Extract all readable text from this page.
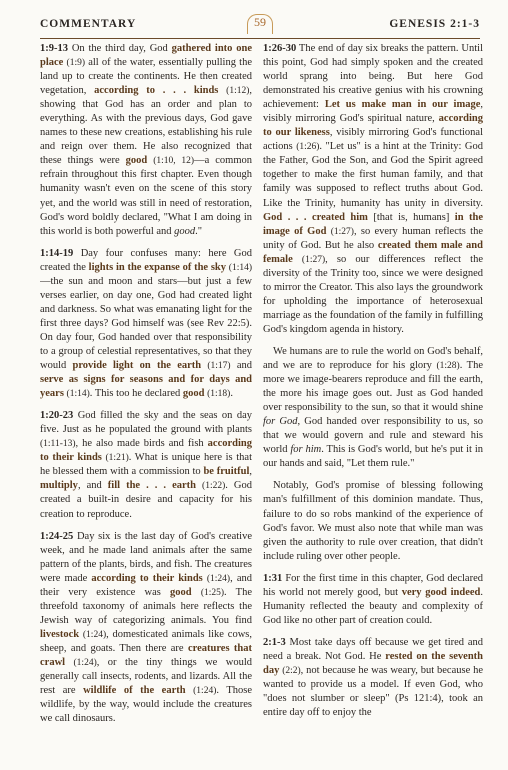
COMMENTARY	59	GENESIS 2:1-3

1:9-13 On the third day, God gathered into one place (1:9) all of the water, essentially pulling the land up to create the continents. He then created vegetation, according to . . . kinds (1:12), showing that God has an order and plan to everything. As with the previous days, God gave names to these new creations, establishing his rule and reign over them. He also recognized that these things were good (1:10, 12)—a common refrain throughout this first chapter. Even though humanity wasn't even on the scene of this story yet, and the world was still in need of restoration, God's word boldly declared, "What I am doing in this world is both powerful and good."

1:14-19 Day four confuses many: here God created the lights in the expanse of the sky (1:14)—the sun and moon and stars—but just a few verses earlier, on day one, God had created light and darkness. So what was emanating light for the first three days? God himself was (see Rev 22:5). On day four, God handed over that responsibility to a group of celestial representatives, so that they would provide light on the earth (1:17) and serve as signs for seasons and for days and years (1:14). This too he declared good (1:18).

1:20-23 God filled the sky and the seas on day five. Just as he populated the ground with plants (1:11-13), he also made birds and fish according to their kinds (1:21). What is unique here is that he blessed them with a commission to be fruitful, multiply, and fill the . . . earth (1:22). God created a built-in desire and capacity for his creation to reproduce.

1:24-25 Day six is the last day of God's creative week, and he made land animals after the same pattern of the plants, birds, and fish. The creatures were made according to their kinds (1:24), and their very existence was good (1:25). The threefold taxonomy of animals here reflects the Jewish way of categorizing animals. You find livestock (1:24), domesticated animals like cows, sheep, and goats. Then there are creatures that crawl (1:24), or the tiny things we would generally call insects, rodents, and lizards. All the rest are wildlife of the earth (1:24). Those wildlife, by the way, would include the creatures we call dinosaurs.

1:26-30 The end of day six breaks the pattern. Until this point, God had simply spoken and the created world sprang into being. But here God demonstrated his creative genius with his crowning achievement: Let us make man in our image, visibly mirroring God's spiritual nature, according to our likeness, visibly mirroring God's functional actions (1:26). "Let us" is a hint at the Trinity: God the Father, God the Son, and God the Spirit agreed together to make the first human family, and that family was supposed to reflect truths about God. Like the Trinity, humanity has unity in diversity. God . . . created him [that is, humans] in the image of God (1:27), so every human reflects the unity of God. But he also created them male and female (1:27), so our differences reflect the diversity of the Trinity too, since we were designed to mirror the Creator. This also lays the groundwork for upholding the importance of heterosexual marriage as the foundation of the family in fulfilling God's kingdom agenda in history.

We humans are to rule the world on God's behalf, and we are to reproduce for his glory (1:28). The more we image-bearers reproduce and fill the earth, the more his image goes out. Just as God handed over responsibility to the sun, so that it would shine for God, God handed over responsibility to us, so that we would govern and rule and steward his world for him. This is God's world, but he's put it in our hands and said, "Let them rule."

Notably, God's promise of blessing following man's fulfillment of this dominion mandate. Thus, failure to do so robs mankind of the experience of God's favor. We must also note that while man was given the authority to rule over creation, that didn't include ruling over other people.

1:31 For the first time in this chapter, God declared his world not merely good, but very good indeed. Humanity reflected the beauty and complexity of God like no other part of creation could.

2:1-3 Most take days off because we get tired and need a break. Not God. He rested on the seventh day (2:2), not because he was weary, but because he wanted to provide us a model. If even God, who "does not slumber or sleep" (Ps 121:4), took an entire day off to enjoy the
